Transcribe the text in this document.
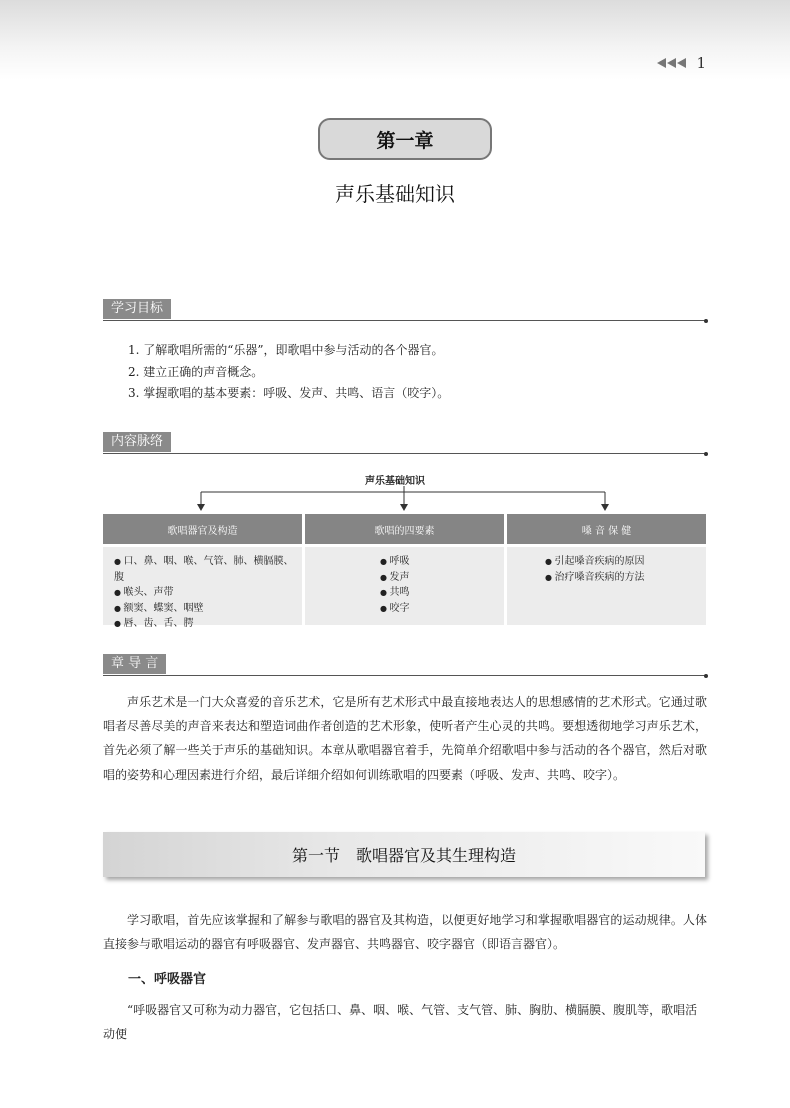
1
第一章
声乐基础知识
学习目标
1. 了解歌唱所需的“乐器”，即歌唱中参与活动的各个器官。
2. 建立正确的声音概念。
3. 掌握歌唱的基本要素：呼吸、发声、共鸣、语言（咬字）。
内容脉络
声乐基础知识
歌唱器官及构造	歌唱的四要素	嗓 音 保 健
● 口、鼻、咽、喉、气管、肺、横膈膜、腹
● 喉头、声带
● 额窦、蝶窦、咽壁
● 唇、齿、舌、腭
● 呼吸
● 发声
● 共鸣
● 咬字
● 引起嗓音疾病的原因
● 治疗嗓音疾病的方法
章 导 言

声乐艺术是一门大众喜爱的音乐艺术，它是所有艺术形式中最直接地表达人的思想感情的艺术形式。它通过歌唱者尽善尽美的声音来表达和塑造词曲作者创造的艺术形象，使听者产生心灵的共鸣。要想透彻地学习声乐艺术，首先必须了解一些关于声乐的基础知识。本章从歌唱器官着手，先简单介绍歌唱中参与活动的各个器官，然后对歌唱的姿势和心理因素进行介绍，最后详细介绍如何训练歌唱的四要素（呼吸、发声、共鸣、咬字）。

第一节　歌唱器官及其生理构造

学习歌唱，首先应该掌握和了解参与歌唱的器官及其构造，以便更好地学习和掌握歌唱器官的运动规律。人体直接参与歌唱运动的器官有呼吸器官、发声器官、共鸣器官、咬字器官（即语言器官）。

一、呼吸器官

“呼吸器官又可称为动力器官，它包括口、鼻、咽、喉、气管、支气管、肺、胸肋、横膈膜、腹肌等，歌唱活动便
